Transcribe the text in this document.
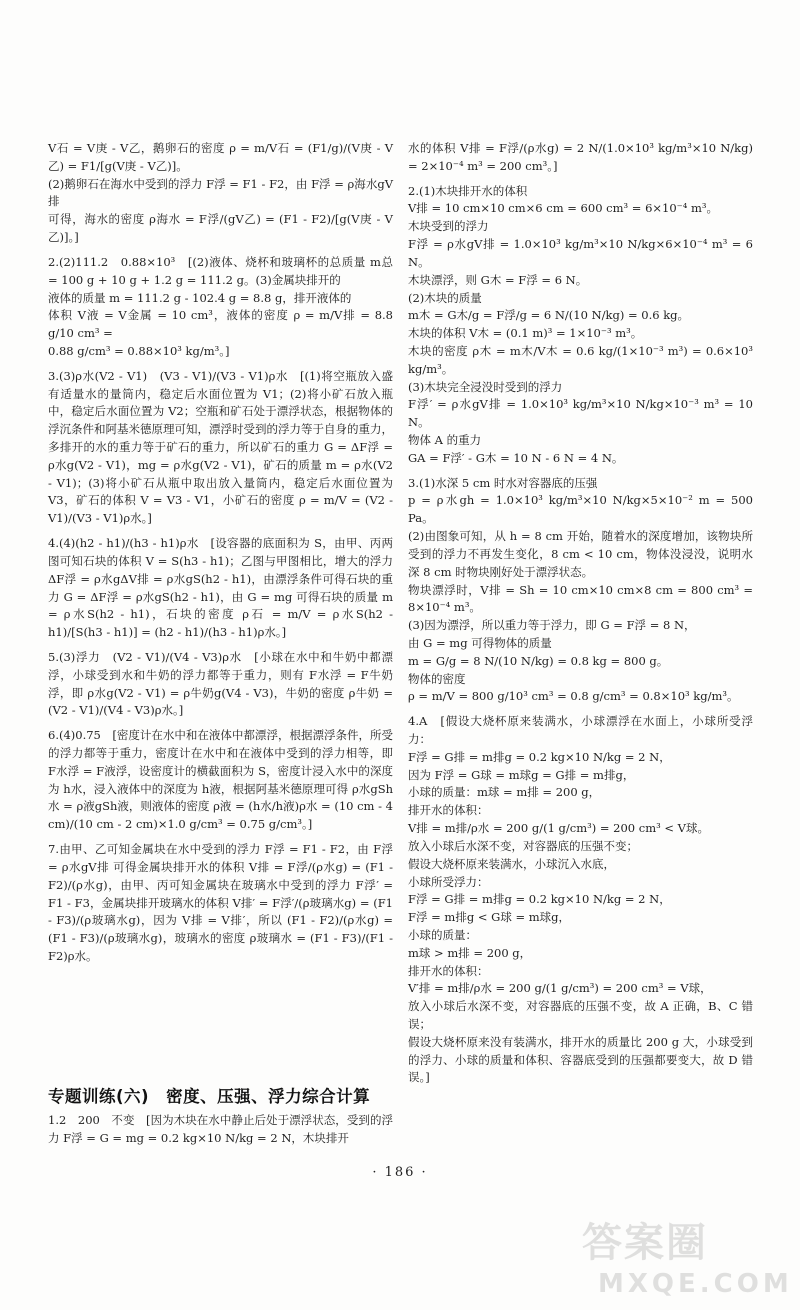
V石 = V庚 - V乙，鹅卵石的密度 ρ = m/V石 = (F1/g)/(V庚 - V乙) = F1/[g(V庚 - V乙)]。

(2)鹅卵石在海水中受到的浮力 F浮 = F1 - F2，由 F浮 = ρ海水gV排

可得，海水的密度 ρ海水 = F浮/(gV乙) = (F1 - F2)/[g(V庚 - V乙)]。]

2.(2)111.2　0.88×10³　[(2)液体、烧杯和玻璃杯的总质量 m总 = 100 g + 10 g + 1.2 g = 111.2 g。(3)金属块排开的

液体的质量 m = 111.2 g - 102.4 g = 8.8 g，排开液体的

体积 V液 = V金属 = 10 cm³，液体的密度 ρ = m/V排 = 8.8 g/10 cm³ =

0.88 g/cm³ = 0.88×10³ kg/m³。]

3.(3)ρ水(V2 - V1)　(V3 - V1)/(V3 - V1)ρ水　[(1)将空瓶放入盛有适量水的量筒内，稳定后水面位置为 V1；(2)将小矿石放入瓶中，稳定后水面位置为 V2；空瓶和矿石处于漂浮状态，根据物体的浮沉条件和阿基米德原理可知，漂浮时受到的浮力等于自身的重力，多排开的水的重力等于矿石的重力，所以矿石的重力 G = ΔF浮 = ρ水g(V2 - V1)，mg = ρ水g(V2 - V1)，矿石的质量 m = ρ水(V2 - V1)；(3)将小矿石从瓶中取出放入量筒内，稳定后水面位置为 V3，矿石的体积 V = V3 - V1，小矿石的密度 ρ = m/V = (V2 - V1)/(V3 - V1)ρ水。]

4.(4)(h2 - h1)/(h3 - h1)ρ水　[设容器的底面积为 S，由甲、丙两图可知石块的体积 V = S(h3 - h1)；乙图与甲图相比，增大的浮力 ΔF浮 = ρ水gΔV排 = ρ水gS(h2 - h1)，由漂浮条件可得石块的重力 G = ΔF浮 = ρ水gS(h2 - h1)，由 G = mg 可得石块的质量 m = ρ水S(h2 - h1)，石块的密度 ρ石 = m/V = ρ水S(h2 - h1)/[S(h3 - h1)] = (h2 - h1)/(h3 - h1)ρ水。]

5.(3)浮力　(V2 - V1)/(V4 - V3)ρ水　[小球在水中和牛奶中都漂浮，小球受到水和牛奶的浮力都等于重力，则有 F水浮 = F牛奶浮，即 ρ水g(V2 - V1) = ρ牛奶g(V4 - V3)，牛奶的密度 ρ牛奶 = (V2 - V1)/(V4 - V3)ρ水。]

6.(4)0.75　[密度计在水中和在液体中都漂浮，根据漂浮条件，所受的浮力都等于重力，密度计在水中和在液体中受到的浮力相等，即 F水浮 = F液浮，设密度计的横截面积为 S，密度计浸入水中的深度为 h水，浸入液体中的深度为 h液，根据阿基米德原理可得 ρ水gSh水 = ρ液gSh液，则液体的密度 ρ液 = (h水/h液)ρ水 = (10 cm - 4 cm)/(10 cm - 2 cm)×1.0 g/cm³ = 0.75 g/cm³。]

7.由甲、乙可知金属块在水中受到的浮力 F浮 = F1 - F2，由 F浮 = ρ水gV排 可得金属块排开水的体积 V排 = F浮/(ρ水g) = (F1 - F2)/(ρ水g)，由甲、丙可知金属块在玻璃水中受到的浮力 F浮′ = F1 - F3，金属块排开玻璃水的体积 V排′ = F浮′/(ρ玻璃水g) = (F1 - F3)/(ρ玻璃水g)，因为 V排 = V排′，所以 (F1 - F2)/(ρ水g) = (F1 - F3)/(ρ玻璃水g)，玻璃水的密度 ρ玻璃水 = (F1 - F3)/(F1 - F2)ρ水。

专题训练(六)　密度、压强、浮力综合计算

1.2　200　不变　[因为木块在水中静止后处于漂浮状态，受到的浮力 F浮 = G = mg = 0.2 kg×10 N/kg = 2 N，木块排开

水的体积 V排 = F浮/(ρ水g) = 2 N/(1.0×10³ kg/m³×10 N/kg) = 2×10⁻⁴ m³ = 200 cm³。]

2.(1)木块排开水的体积

V排 = 10 cm×10 cm×6 cm = 600 cm³ = 6×10⁻⁴ m³。

木块受到的浮力

F浮 = ρ水gV排 = 1.0×10³ kg/m³×10 N/kg×6×10⁻⁴ m³ = 6 N。

木块漂浮，则 G木 = F浮 = 6 N。

(2)木块的质量

m木 = G木/g = F浮/g = 6 N/(10 N/kg) = 0.6 kg。

木块的体积 V木 = (0.1 m)³ = 1×10⁻³ m³。

木块的密度 ρ木 = m木/V木 = 0.6 kg/(1×10⁻³ m³) = 0.6×10³ kg/m³。

(3)木块完全浸没时受到的浮力

F浮′ = ρ水gV排 = 1.0×10³ kg/m³×10 N/kg×10⁻³ m³ = 10 N。

物体 A 的重力

GA = F浮′ - G木 = 10 N - 6 N = 4 N。

3.(1)水深 5 cm 时水对容器底的压强

p = ρ水gh = 1.0×10³ kg/m³×10 N/kg×5×10⁻² m = 500 Pa。

(2)由图象可知，从 h = 8 cm 开始，随着水的深度增加，该物块所受到的浮力不再发生变化，8 cm < 10 cm，物体没浸没，说明水深 8 cm 时物块刚好处于漂浮状态。

物块漂浮时，V排 = Sh = 10 cm×10 cm×8 cm = 800 cm³ = 8×10⁻⁴ m³。

(3)因为漂浮，所以重力等于浮力，即 G = F浮 = 8 N，

由 G = mg 可得物体的质量

m = G/g = 8 N/(10 N/kg) = 0.8 kg = 800 g。

物体的密度

ρ = m/V = 800 g/10³ cm³ = 0.8 g/cm³ = 0.8×10³ kg/m³。

4.A　[假设大烧杯原来装满水，小球漂浮在水面上，小球所受浮力：

F浮 = G排 = m排g = 0.2 kg×10 N/kg = 2 N，

因为 F浮 = G球 = m球g = G排 = m排g，

小球的质量：m球 = m排 = 200 g，

排开水的体积：

V排 = m排/ρ水 = 200 g/(1 g/cm³) = 200 cm³ < V球。

放入小球后水深不变，对容器底的压强不变；

假设大烧杯原来装满水，小球沉入水底，

小球所受浮力：

F浮 = G排 = m排g = 0.2 kg×10 N/kg = 2 N，

F浮 = m排g < G球 = m球g，

小球的质量：

m球 > m排 = 200 g，

排开水的体积：

V′排 = m排/ρ水 = 200 g/(1 g/cm³) = 200 cm³ = V球，

放入小球后水深不变，对容器底的压强不变，故 A 正确，B、C 错误；

假设大烧杯原来没有装满水，排开水的质量比 200 g 大，小球受到的浮力、小球的质量和体积、容器底受到的压强都要变大，故 D 错误。]

· 186 ·
答案圈
MXQE.COM
